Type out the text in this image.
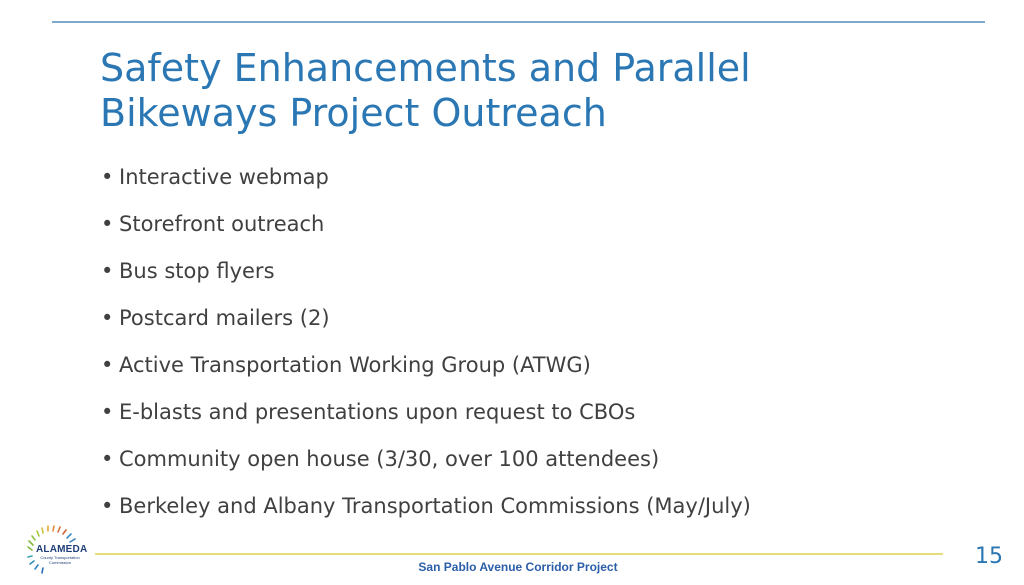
Safety Enhancements and Parallel
Bikeways Project Outreach
• Interactive webmap
• Storefront outreach
• Bus stop flyers
• Postcard mailers (2)
• Active Transportation Working Group (ATWG)
• E-blasts and presentations upon request to CBOs
• Community open house (3/30, over 100 attendees)
• Berkeley and Albany Transportation Commissions (May/July)
ALAMEDA
County Transportation Commission	San Pablo Avenue Corridor Project	15
